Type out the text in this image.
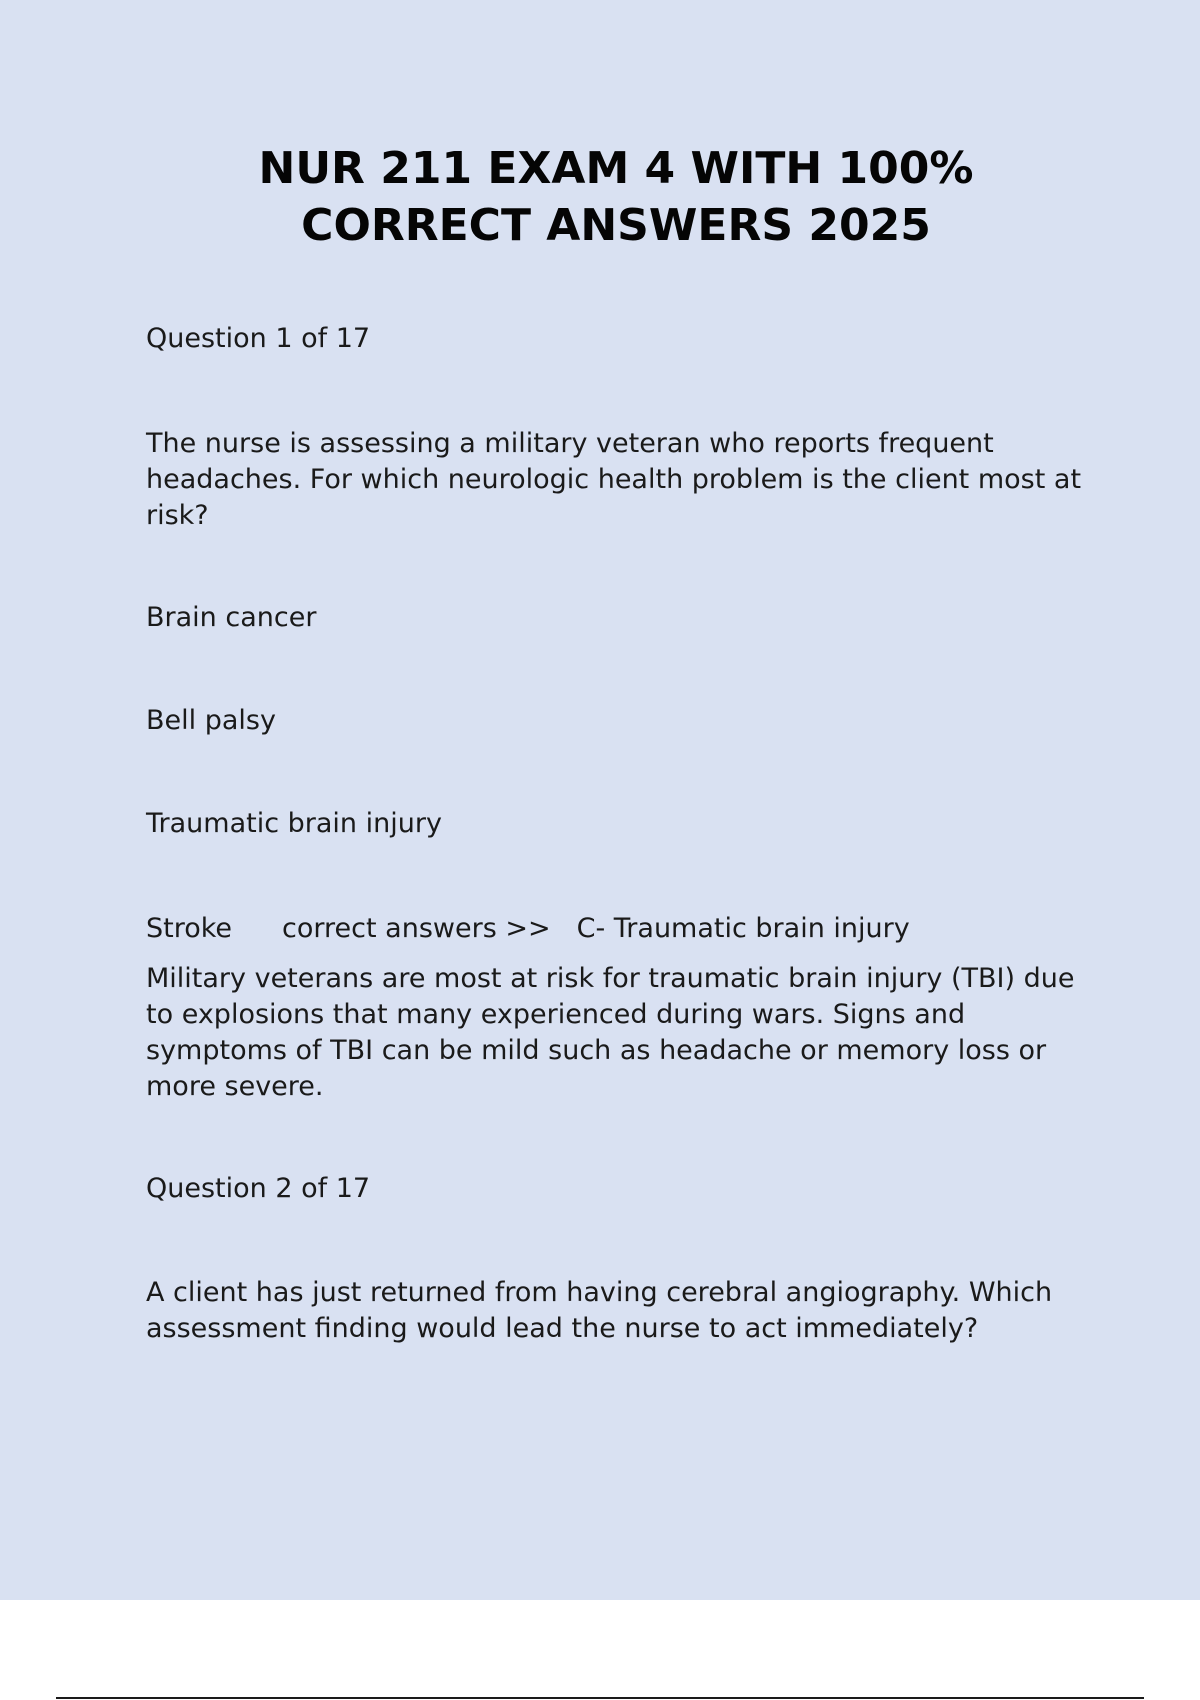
NUR 211 EXAM 4 WITH 100%
CORRECT ANSWERS 2025

Question 1 of 17

The nurse is assessing a military veteran who reports frequent headaches. For which neurologic health problem is the client most at risk?

Brain cancer

Bell palsy

Traumatic brain injury

Stroke correct answers >> C- Traumatic brain injury

Military veterans are most at risk for traumatic brain injury (TBI) due to explosions that many experienced during wars. Signs and symptoms of TBI can be mild such as headache or memory loss or more severe.

Question 2 of 17

A client has just returned from having cerebral angiography. Which assessment finding would lead the nurse to act immediately?
